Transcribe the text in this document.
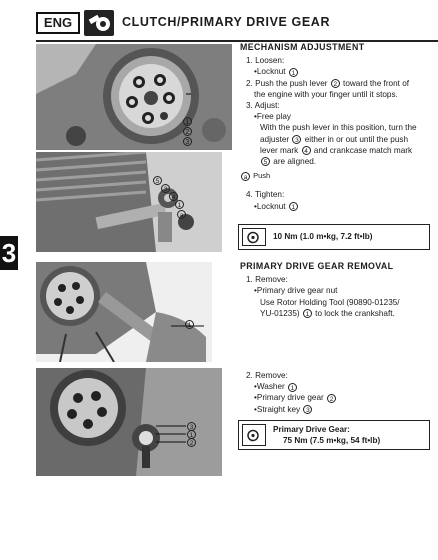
ENG	CLUTCH/PRIMARY DRIVE GEAR
3
1
2
3
5
3
4
1
a
1
3
1
2
MECHANISM ADJUSTMENT
1. Loosen:
•Locknut 1
2. Push the push lever 2 toward the front of
the engine with your finger until it stops.
3. Adjust:
•Free play
With the push lever in this position, turn the
adjuster 3 either in or out until the push
lever mark 4 and crankcase match mark
5 are aligned.
a Push
4. Tighten:
•Locknut 1
10 Nm (1.0 m•kg, 7.2 ft•lb)
PRIMARY DRIVE GEAR REMOVAL
1. Remove:
•Primary drive gear nut
Use Rotor Holding Tool (90890-01235/
YU-01235) 1 to lock the crankshaft.
2. Remove:
•Washer 1
•Primary drive gear 2
•Straight key 3
Primary Drive Gear:
75 Nm (7.5 m•kg, 54 ft•lb)
